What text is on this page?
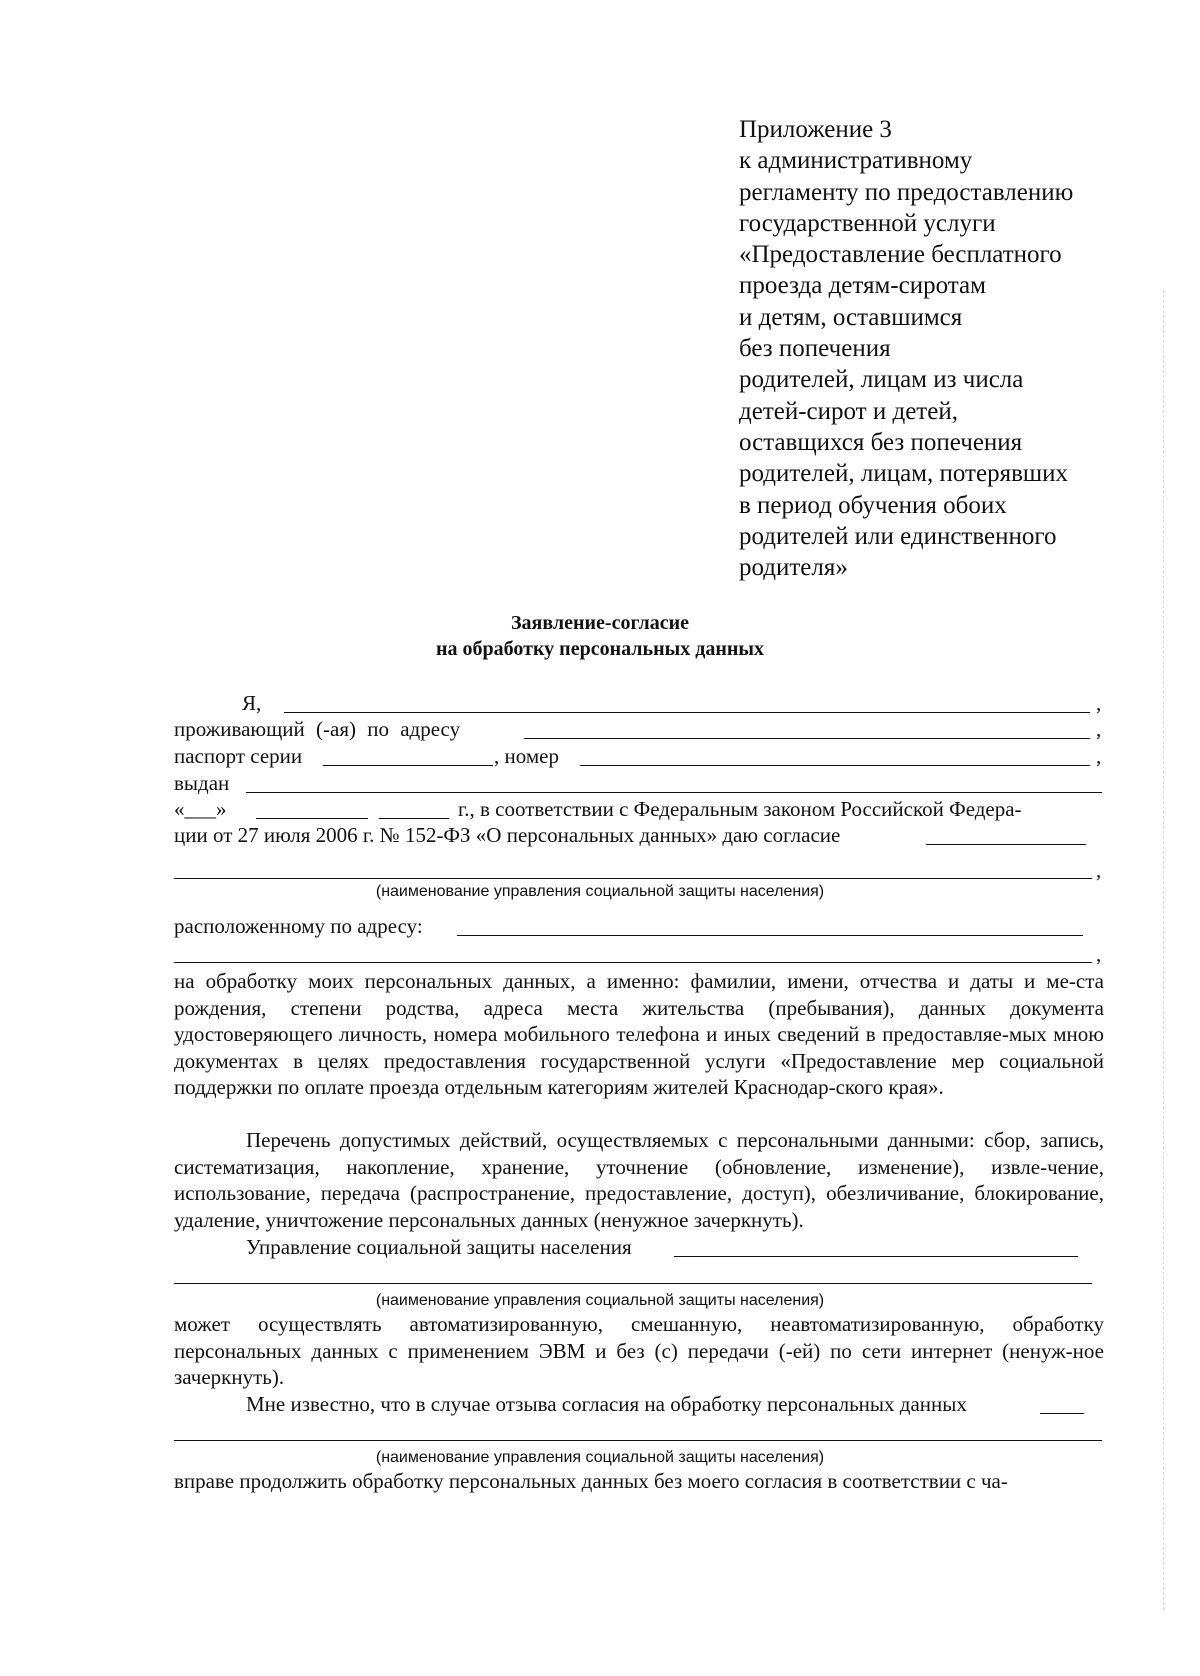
Приложение 3
к административному
регламенту по предоставлению
государственной услуги
«Предоставление бесплатного
проезда детям-сиротам
и детям, оставшимся
без попечения
родителей, лицам из числа
детей-сирот и детей,
оставщихся без попечения
родителей, лицам, потерявших
в период обучения обоих
родителей или единственного
родителя»
Заявление-согласие
на обработку персональных данных
Я,	,
проживающий (-ая) по адресу	,
паспорт серии	, номер	,
выдан
«___»	г., в соответствии с Федеральным законом Российской Федера-
ции от 27 июля 2006 г. № 152-ФЗ «О персональных данных» даю согласие
,
(наименование управления социальной защиты населения)
расположенному по адресу:
,
на обработку моих персональных данных, а именно: фамилии, имени, отчества и даты и ме-ста рождения, степени родства, адреса места жительства (пребывания), данных документа удостоверяющего личность, номера мобильного телефона и иных сведений в предоставляе-мых мною документах в целях предоставления государственной услуги «Предоставление мер социальной поддержки по оплате проезда отдельным категориям жителей Краснодар-ского края».
Перечень допустимых действий, осуществляемых с персональными данными: сбор, запись, систематизация, накопление, хранение, уточнение (обновление, изменение), извле-чение, использование, передача (распространение, предоставление, доступ), обезличивание, блокирование, удаление, уничтожение персональных данных (ненужное зачеркнуть).
Управление социальной защиты населения
(наименование управления социальной защиты населения)
может осуществлять автоматизированную, смешанную, неавтоматизированную, обработку персональных данных с применением ЭВМ и без (с) передачи (-ей) по сети интернет (ненуж-ное зачеркнуть).
Мне известно, что в случае отзыва согласия на обработку персональных данных
(наименование управления социальной защиты населения)
вправе продолжить обработку персональных данных без моего согласия в соответствии с ча-
